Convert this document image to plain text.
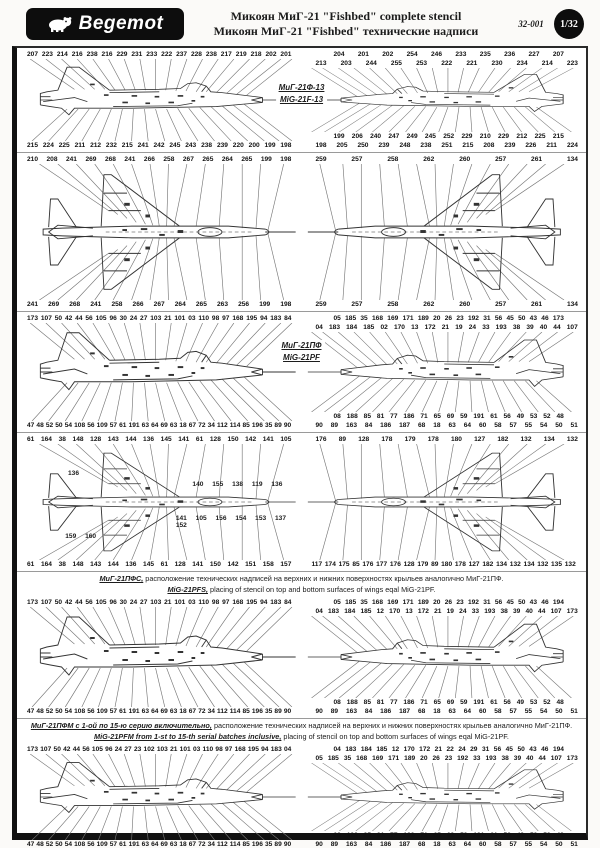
Begemot	Микоян МиГ-21 "Fishbed" complete stencil
Микоян МиГ-21 "Fishbed" технические надписи	32-001	1/32
207 223 214 216 238 216 229 231 233 222 237 228 238 217 219 218 202 201
215 224 225 211 212 232 215 241 242 245 243 238 239 220 200 199 198
МиГ-21Ф-13
MiG-21F-13
204 201 202 254 246 233 235 236 227 207
213 203 244 255 253 222 221 230 234 214 223
199 206 240 247 249 245 252 229 210 229 212 225 215
198 205 250 239 248 238 251 215 208 239 226 211 224
210 208 241 269 268 241 266 258 267 265 264 265 199 198
241 269 268 241 258 266 267 264 265 263 256 199 198
259	257	258	262	260	257	261	134
259	257	258	262	260	257	261	134
173 107 50 42 44 56 105 96 30 24 27 103 21 101 03 110 98 97 168 195 94 183 84
47 48 52 50 54 108 56 109 57 61 191 63 64 69 63 18 67 72 34 112 114 85 196 35 89 90
МиГ-21ПФ
MiG-21PF
05 185 35 168 169 171 189 20 26 23 192 31 56 45 50 43 46 173
04 183 184 185 02 170 13 172 21 19 24 33 193 38 39 40 44 107
08 188 85 81 77 186 71 65 69 59 191 61 56 49 53 52 48
90 89 163 84 186 187 68 18 63 64 60 58 57 55 54 50 51
61 164 38 148 128 143 144 136 145 141 61 128 150 142 141 105
61 164 38 148 143 144 136 145 61 128 141 150 142 151 158 157
136
159 160
140 155 138 119 136
141 105 156 154 153 137 152
176 89 128 178 179 178 180 127 182 132 134 132
117 174 175 85 176 177 176 128 179 89 180 178 127 182 134 132 134 132 135 132
МиГ-21ПФС, расположение технических надписей на верхних и нижних поверхностях крыльев аналогично МиГ-21ПФ.
MiG-21PFS, placing of stencil on top and bottom surfaces of wings eqal MiG-21PF.
173 107 50 42 44 56 105 96 30 24 27 103 21 101 03 110 98 97 168 195 94 183 84
47 48 52 50 54 108 56 109 57 61 191 63 64 69 63 18 67 72 34 112 114 85 196 35 89 90
05 185 35 168 169 171 189 20 26 23 192 31 56 45 50 43 46 194
04 183 184 185 12 170 13 172 21 19 24 33 193 38 39 40 44 107 173
08 188 85 81 77 186 71 65 69 59 191 61 56 49 53 52 48
90 89 163 84 186 187 68 18 63 64 60 58 57 55 54 50 51
МиГ-21ПФМ с 1-ой по 15-ю серию включительно, расположение технических надписей на верхних и нижних поверхностях крыльев аналогично МиГ-21ПФ.
MiG-21PFM from 1-st to 15-th serial batches inclusive, placing of stencil on top and bottom surfaces of wings eqal MiG-21PF.
173 107 50 42 44 56 105 96 24 27 23 102 103 21 101 03 110 98 97 168 195 94 183 04
47 48 52 50 54 108 56 109 57 61 191 63 64 69 63 18 67 72 34 112 114 85 196 35 89 90
04 183 184 185 12 170 172 21 22 24 29 31 56 45 50 43 46 194
05 185 35 168 169 171 189 20 26 23 192 33 193 38 39 40 44 107 173
08 188 85 81 77 193 71 65 69 59 191 61 56 49 53 52 48
90 89 163 84 186 187 68 18 63 64 60 58 57 55 54 50 51
